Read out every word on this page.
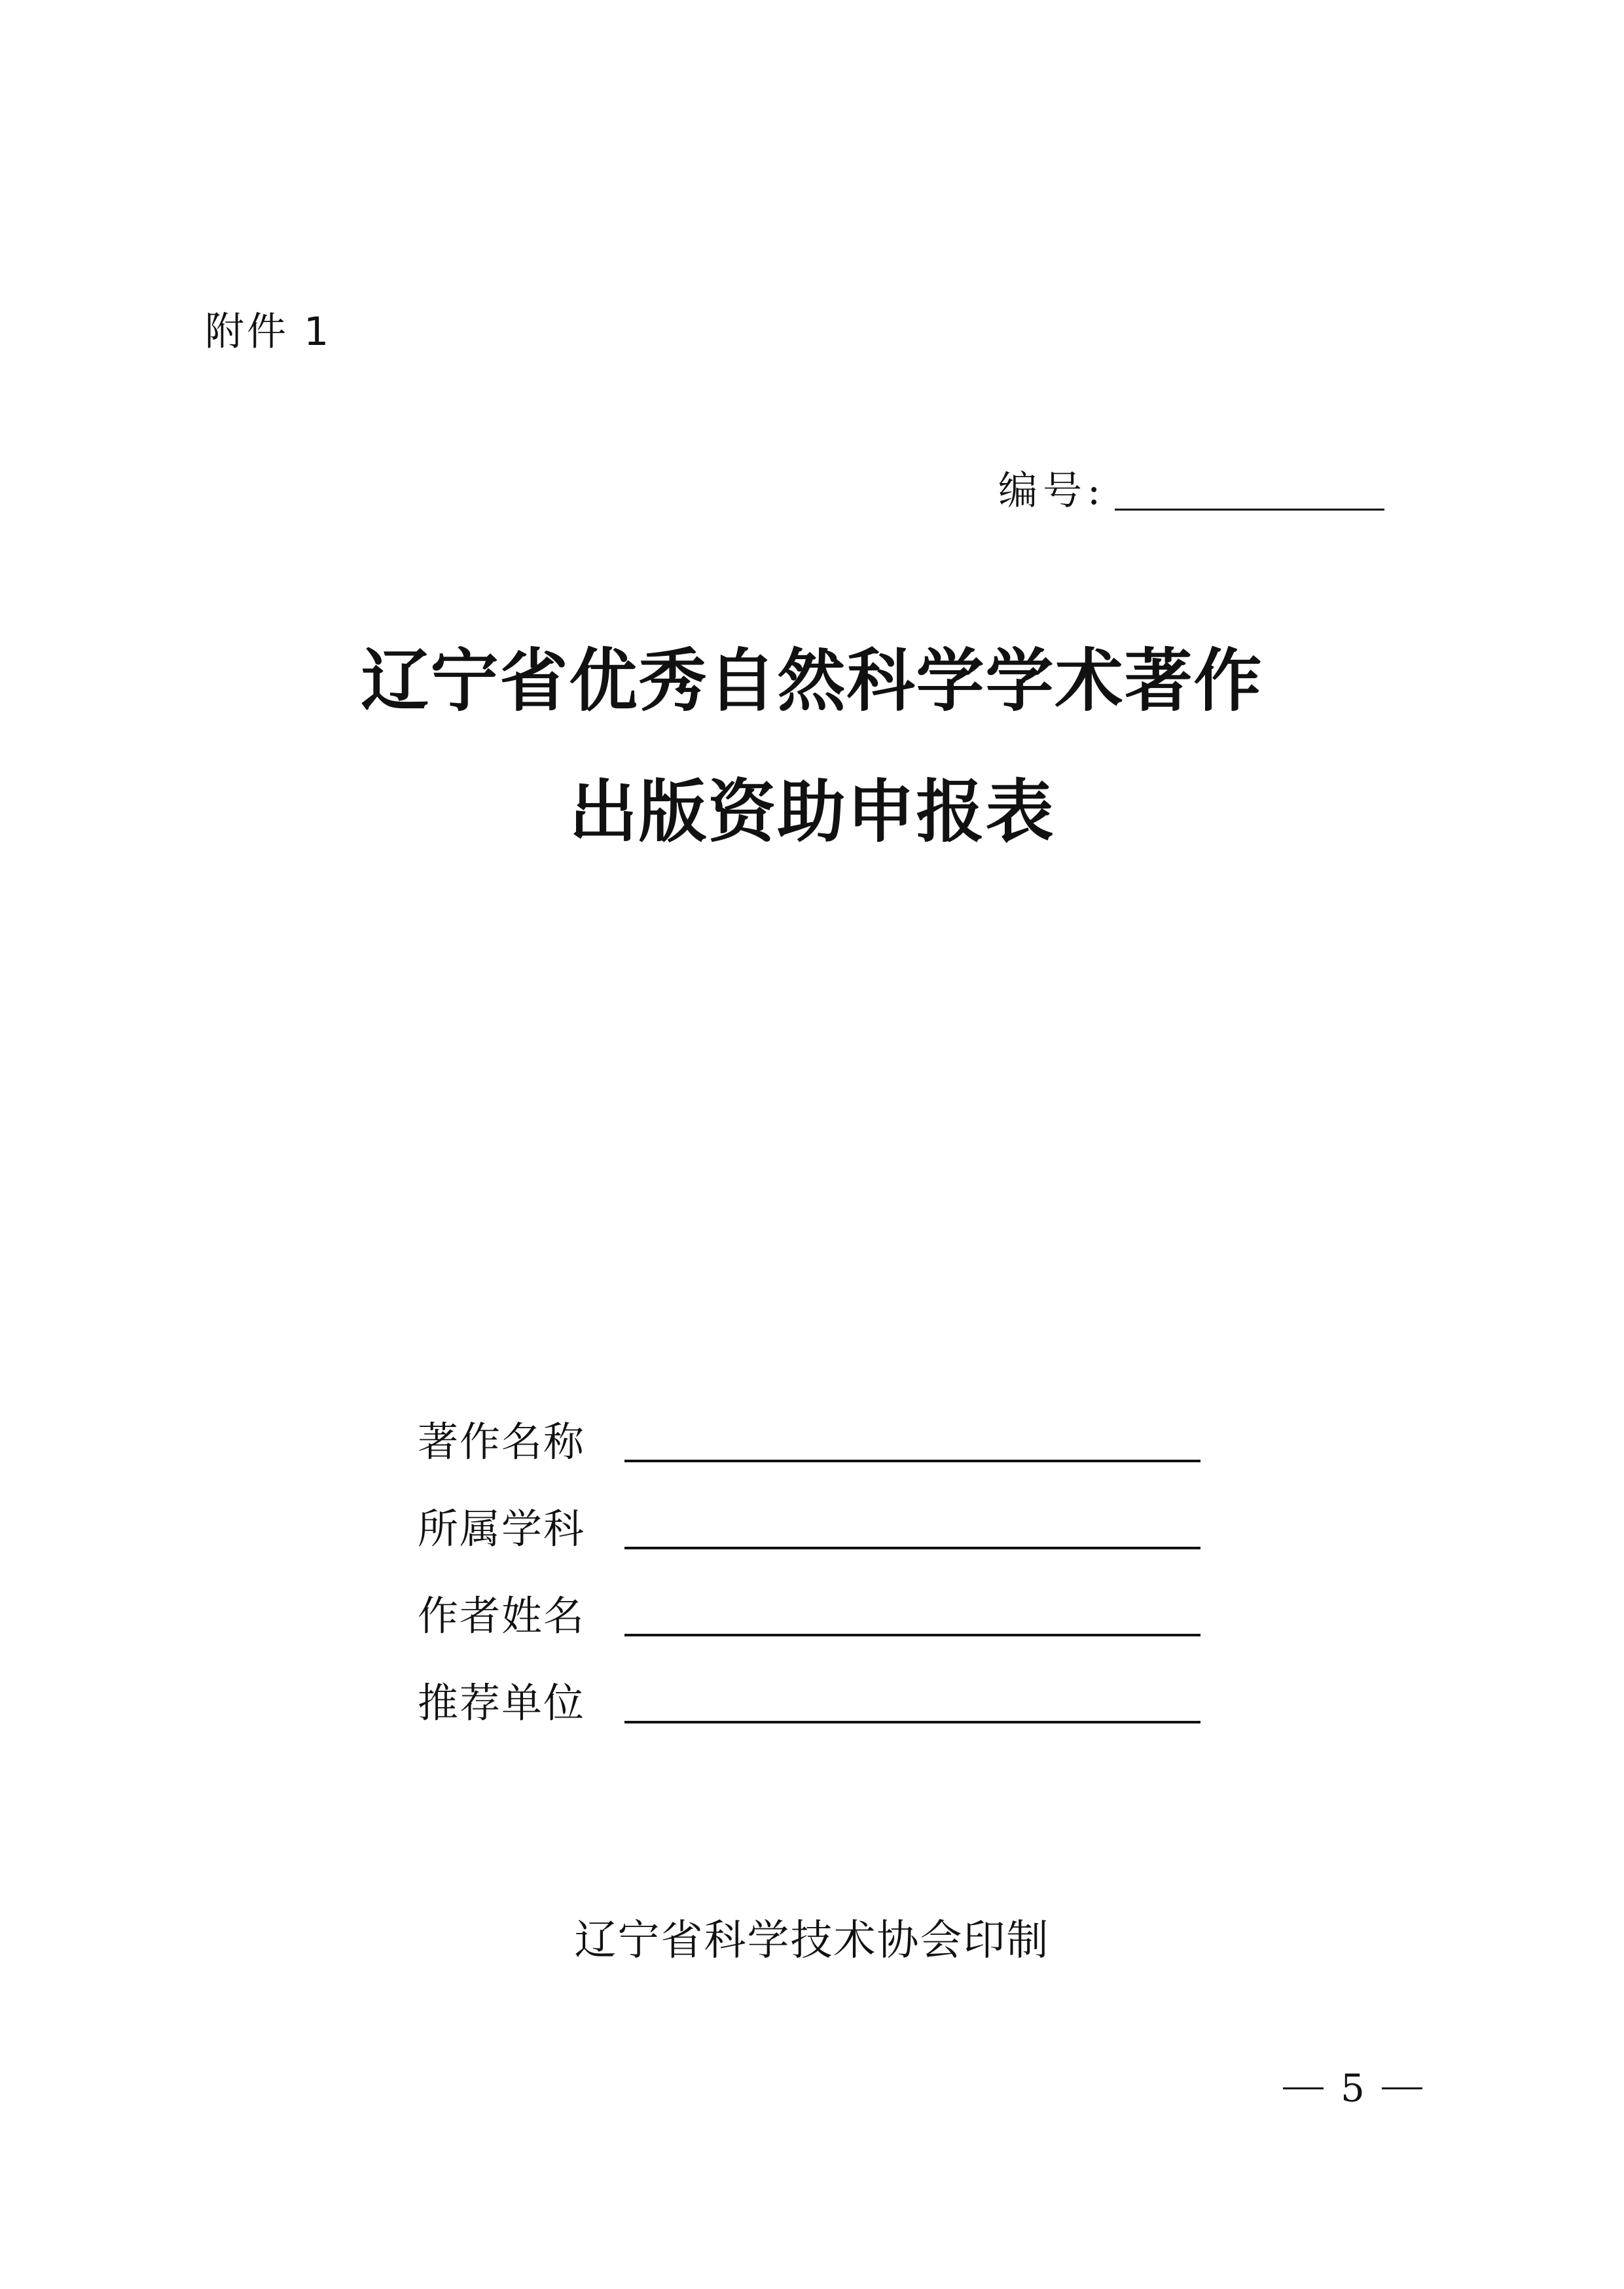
附件 1
编号:
辽宁省优秀自然科学学术著作
出版资助申报表
著作名称
所属学科
作者姓名
推荐单位
辽宁省科学技术协会印制
5
